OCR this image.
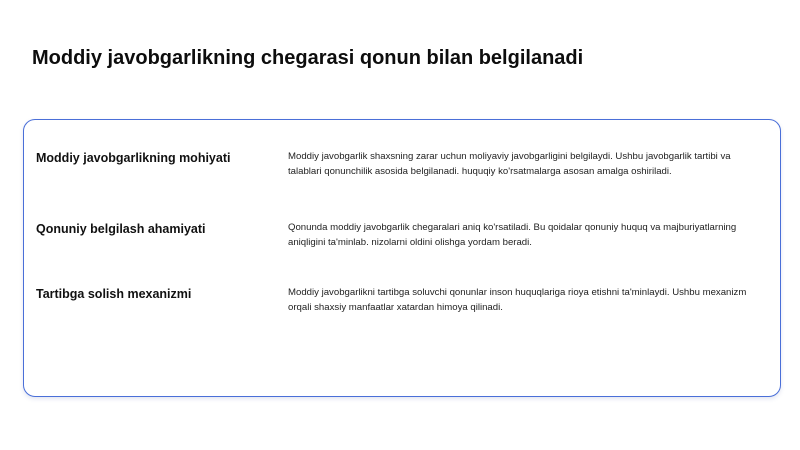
Moddiy javobgarlikning chegarasi qonun bilan belgilanadi
Moddiy javobgarlikning mohiyati	Moddiy javobgarlik shaxsning zarar uchun moliyaviy javobgarligini belgilaydi. Ushbu javobgarlik tartibi va talablari qonunchilik asosida belgilanadi. huquqiy ko'rsatmalarga asosan amalga oshiriladi.

Qonuniy belgilash ahamiyati	Qonunda moddiy javobgarlik chegaralari aniq ko'rsatiladi. Bu qoidalar qonuniy huquq va majburiyatlarning aniqligini ta'minlab. nizolarni oldini olishga yordam beradi.

Tartibga solish mexanizmi	Moddiy javobgarlikni tartibga soluvchi qonunlar inson huquqlariga rioya etishni ta'minlaydi. Ushbu mexanizm orqali shaxsiy manfaatlar xatardan himoya qilinadi.
